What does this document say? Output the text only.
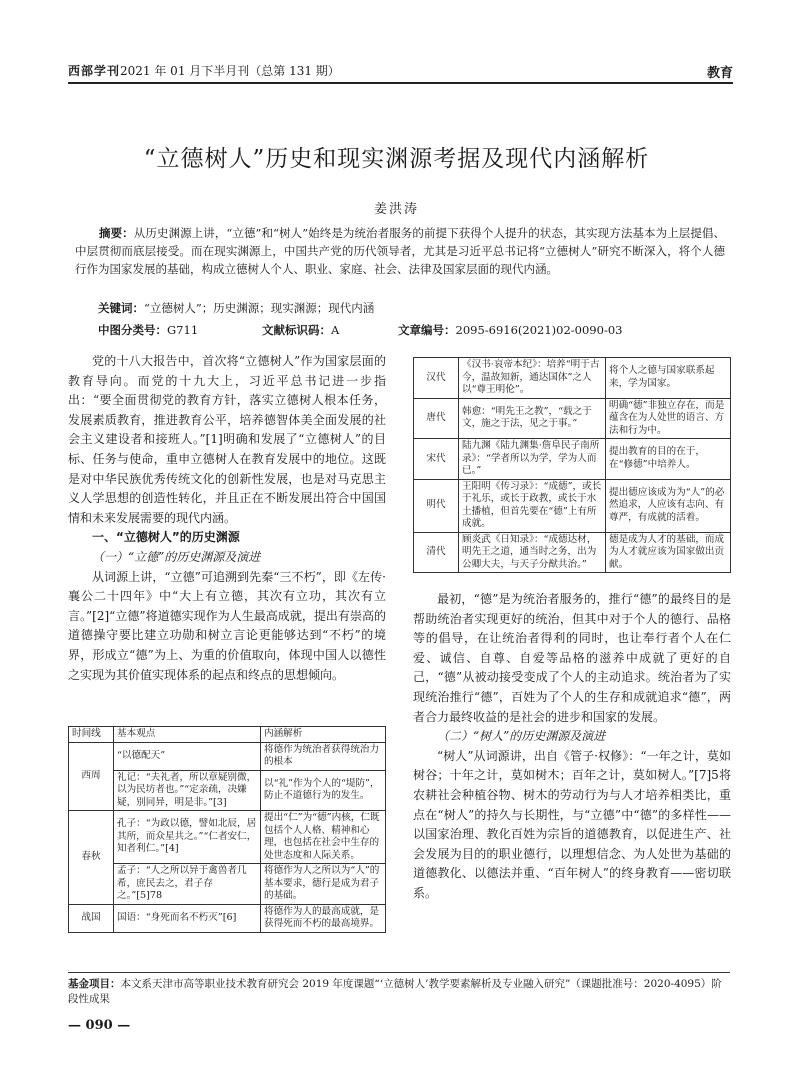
西部学刊2021 年 01 月下半月刊（总第 131 期）	教育
“立德树人”历史和现实渊源考据及现代内涵解析
姜洪涛
摘要：从历史渊源上讲，“立德”和“树人”始终是为统治者服务的前提下获得个人提升的状态，其实现方法基本为上层提倡、中层贯彻而底层接受。而在现实渊源上，中国共产党的历代领导者，尤其是习近平总书记将“立德树人”研究不断深入，将个人德行作为国家发展的基础，构成立德树人个人、职业、家庭、社会、法律及国家层面的现代内涵。
关键词：“立德树人”；历史渊源；现实渊源；现代内涵
中图分类号：G711	文献标识码：A	文章编号：2095-6916(2021)02-0090-03

党的十八大报告中，首次将“立德树人”作为国家层面的教育导向。而党的十九大上，习近平总书记进一步指出：“要全面贯彻党的教育方针，落实立德树人根本任务，发展素质教育，推进教育公平，培养德智体美全面发展的社会主义建设者和接班人。”[1]明确和发展了“立德树人”的目标、任务与使命，重申立德树人在教育发展中的地位。这既是对中华民族优秀传统文化的创新性发展，也是对马克思主义人学思想的创造性转化，并且正在不断发展出符合中国国情和未来发展需要的现代内涵。

一、“立德树人”的历史渊源

（一）“立德”的历史渊源及演进

从词源上讲，“立德”可追溯到先秦“三不朽”，即《左传·襄公二十四年》中“大上有立德，其次有立功，其次有立言。”[2]“立德”将道德实现作为人生最高成就，提出有崇高的道德操守要比建立功勋和树立言论更能够达到“不朽”的境界，形成立“德”为上、为重的价值取向，体现中国人以德性之实现为其价值实现体系的起点和终点的思想倾向。

时间线	基本观点	内涵解析
西周	“以德配天”	将德作为统治者获得统治力的根本
	礼记：“夫礼者，所以章疑别微，以为民坊者也。”“定亲疏，决嫌疑，别同异，明是非。”[3]	以“礼”作为个人的“堤防”，防止不道德行为的发生。
春秋	孔子：“为政以德，譬如北辰，居其所，而众星共之。”“仁者安仁，知者利仁。”[4]	提出“仁”为“德”内核，仁既包括个人人格、精神和心理，也包括在社会中生存的处世态度和人际关系。
	孟子：“人之所以异于禽兽者几希，庶民去之，君子存之。”[5]78	将德作为人之所以为“人”的基本要求，德行是成为君子的基础。
战国	国语：“身死而名不朽灭”[6]	将德作为人的最高成就，是获得死而不朽的最高境界。
汉代	《汉书·哀帝本纪》：培养“明于古今，温故知新，通达国体”之人以“尊王明伦”。	将个人之德与国家联系起来，学为国家。
唐代	韩愈：“明先王之教”，“载之于文，施之于法，见之于事。”	明确“德”非独立存在，而是蕴含在为人处世的语言、方法和行为中。
宋代	陆九渊《陆九渊集·詹阜民子南所录》：“学者所以为学，学为人而已。”	提出教育的目的在于，在“修德”中培养人。
明代	王阳明《传习录》：“成德”，或长于礼乐，或长于政教，或长于水土播植，但首先要在“德”上有所成就。	提出德应该成为为“人”的必然追求，人应该有志向、有尊严，有成就的活着。
清代	顾炎武《日知录》：“成德达材，明先王之道，通当时之务，出为公卿大夫，与天子分猷共治。”	德是成为人才的基础，而成为人才就应该为国家做出贡献。

最初，“德”是为统治者服务的，推行“德”的最终目的是帮助统治者实现更好的统治，但其中对于个人的德行、品格等的倡导，在让统治者得利的同时，也让奉行者个人在仁爱、诚信、自尊、自爱等品格的滋养中成就了更好的自己，“德”从被动接受变成了个人的主动追求。统治者为了实现统治推行“德”，百姓为了个人的生存和成就追求“德”，两者合力最终收益的是社会的进步和国家的发展。

（二）“树人”的历史渊源及演进

“树人”从词源讲，出自《管子·权修》：“一年之计，莫如树谷；十年之计，莫如树木；百年之计，莫如树人。”[7]5将农耕社会种植谷物、树木的劳动行为与人才培养相类比，重点在“树人”的持久与长期性，与“立德”中“德”的多样性——以国家治理、教化百姓为宗旨的道德教育，以促进生产、社会发展为目的的职业德行，以理想信念、为人处世为基础的道德教化、以德法并重、“百年树人”的终身教育——密切联系。

基金项目：本文系天津市高等职业技术教育研究会 2019 年度课题“‘立德树人’教学要素解析及专业融入研究”（课题批准号：2020-4095）阶段性成果
— 090 —
